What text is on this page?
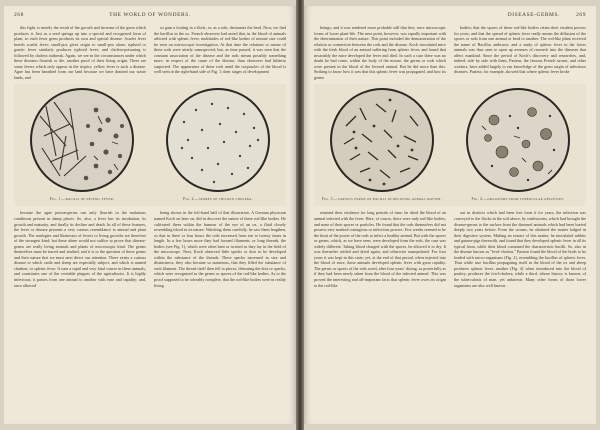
268	THE WORLD OF WONDERS.

this fight, is merely the result of the growth and increase of the germ which produces it. Just as a seed springs up into a special and recognised form of plant, so each fever germ produces its own and special disease. Scarlet fever breeds scarlet fever; small-pox gives origin to small-pox alone; typhoid or gastric fever similarly produces typhoid fever; and cholera-poisoning is followed by cholera outbreak. Again, we see in the circumstances under which these diseases flourish or die, another proof of their living origin. There are some fevers which only appear in the tropics; yellow fever is such a disease. Ague has been banished from our land because we have drained our waste lands, and

so gain a footing in a flock, or, as a rule, decimates the herd. Now, we find the bacillus in the ox. French observers had noted that, in the blood of animals affected with splenic fever, multitudes of rod-like bodies of minute size could be seen on microscopic investigation. At that time the relations or nature of these rods were utterly unsuspected; but, as time passed, it was seen that the constant association of the disease and the rods meant possibly something more, in respect of the cause of the disease, than observers had hitherto suspected. The appearance of these rods amid the corpuscles of the blood is well seen in the right-hand side of Fig. 1; their stages of development

Fig. 1.—bacilli of splenic fever.	Fig. 2.—spores of chicken cholera.

because the ague poison-germs can only flourish in the malarious conditions present in damp places. So, also, a fever has its incubation, its growth and maturity, and finally its decline and death. In all of these features, the fever or disease presents a very curious resemblance to animal and plant growth. The analogies and likenesses of fevers to living growths are therefore of the strongest kind; but these alone would not suffice to prove that disease-germs are really living animals and plants of microscopic kind. The germs themselves must be traced and studied, and it is to the question of these germs and their nature that we must next direct our attention. There exists a curious disease to which cattle and sheep are especially subject, and which is named charbon, or splenic fever. It runs a rapid and very fatal course in these animals, and constitutes one of the veritable plagues of the agriculturist. It is highly infectious; it passes from one animal to another with ease and rapidity; and, once allowed

being shown in the left-hand half of that illustration. A German physician named Koch on later on, did in discover the nature of these rod-like bodies. He cultivated them within the humour of the eye of an ox, a fluid closely resembling blood in its nature. Watching them carefully, he saw them lengthen, so that in three or four hours the rods increased from ten to twenty times in length. In a few hours more they had formed filaments, or long threads, the bodies (see Fig. 1), which were often bent or twisted as they lay in the field of the microscope. Next, Koch observed little specks or dots to be developed within the substance of the threads. These specks increased in size and distinctness; they also became so numerous, that they filled the substance of each filament. The thread itself then fell to pieces, liberating the dots or specks, which were recognised as the germs or spores of the rod-like bodies. As to the proof supposed to be tolerably complete, that the rod-like bodies were in reality living

DISEASE-GERMS.	269

beings; and it was rendered more probable still that they were microscopic forms of lower plant-life. The next point, however, was equally important with the determination of their nature. This point included the demonstration of the relation or connection between the rods and the disease. Koch inoculated mice with the fresh blood of an animal suffering from splenic fever, and found that invariably the mice developed the fever and died. In such a case there was no doubt he had come, within the body of the mouse, the germs or rods which were present in the blood of the fevered animal. But he did more than this. Striking to know how it was that this splenic fever was propagated, and how its germs

bodies; that the spores of these rod-like bodies retain their virulent powers for years; and that the spread of splenic fever really means the diffusion of the spores or rods from one animal or herd to another. The rod-like plant received the name of Bacillus anthracis; and a study of splenic fever in the lower animals was thus seen to open up avenues of research into the diseases that affect mankind. Since the period of Koch's discovery and researches, and, indeed, side by side with them, Pasteur, the famous French savant, and other workers, have added largely to our knowledge of the germ origin of infectious diseases. Pasteur, for example, showed that where splenic fever broke

Fig. 3.—various forms of bacilli in decaying animal matter.	Fig. 4.—organisms from tubercular abscesses.

retained their virulence for long periods of time, he dried the blood of an animal infected with the fever. Here, of course, there were only rod-like bodies, and none of their spores or particles. He found that the rods themselves did not possess very marked contagious or infectious powers. Few weeks seemed to be the limit of the power of the rods to infect a healthy animal. But with the spores or germs, which, as we have seen, were developed from the rods, the case was widely different. Taking blood charged with the spores, he allowed it to dry. It was thereafter settled and dried again, and otherwise manipulated. For four years it was kept in this state; yet, at the end of that period, when injected into the blood of mice, these animals developed splenic fever with great rapidity. The germs or spores of the rods acted, after four years' drying, as powerfully as if they had been newly taken from the blood of the infected animal. This was proved the interesting and all-important facts that splenic fever owes its origin to the rod-like

out in districts which had been free from it for years, the infection was conveyed to the flocks in the soil above, by earthworms, which had brought the disease-germs to the surface from the diseased animals which had been buried deeply two years before. From the worms, he obtained the matter lodged in their digestive system. Making an extract of this matter, he inoculated rabbits and guinea-pigs therewith, and found that they developed splenic fever in all its typical form, while their blood contained the characteristic bacilli. So, also in the disease known as "fowl-cholera," Pasteur found the blood of the birds to be loaded with micro-organisms (Fig. 2), resembling the bacillus of splenic fever. Thus while true bacillus propagating itself in the blood of the ox and sheep produces splenic fever, another (Fig. 4) when introduced into the blood of poultry, produces the fowl-cholera, while a third, whose history is known, of the tuberculosis of man, yet unknown. Many other forms of those lower organisms are also well known.
